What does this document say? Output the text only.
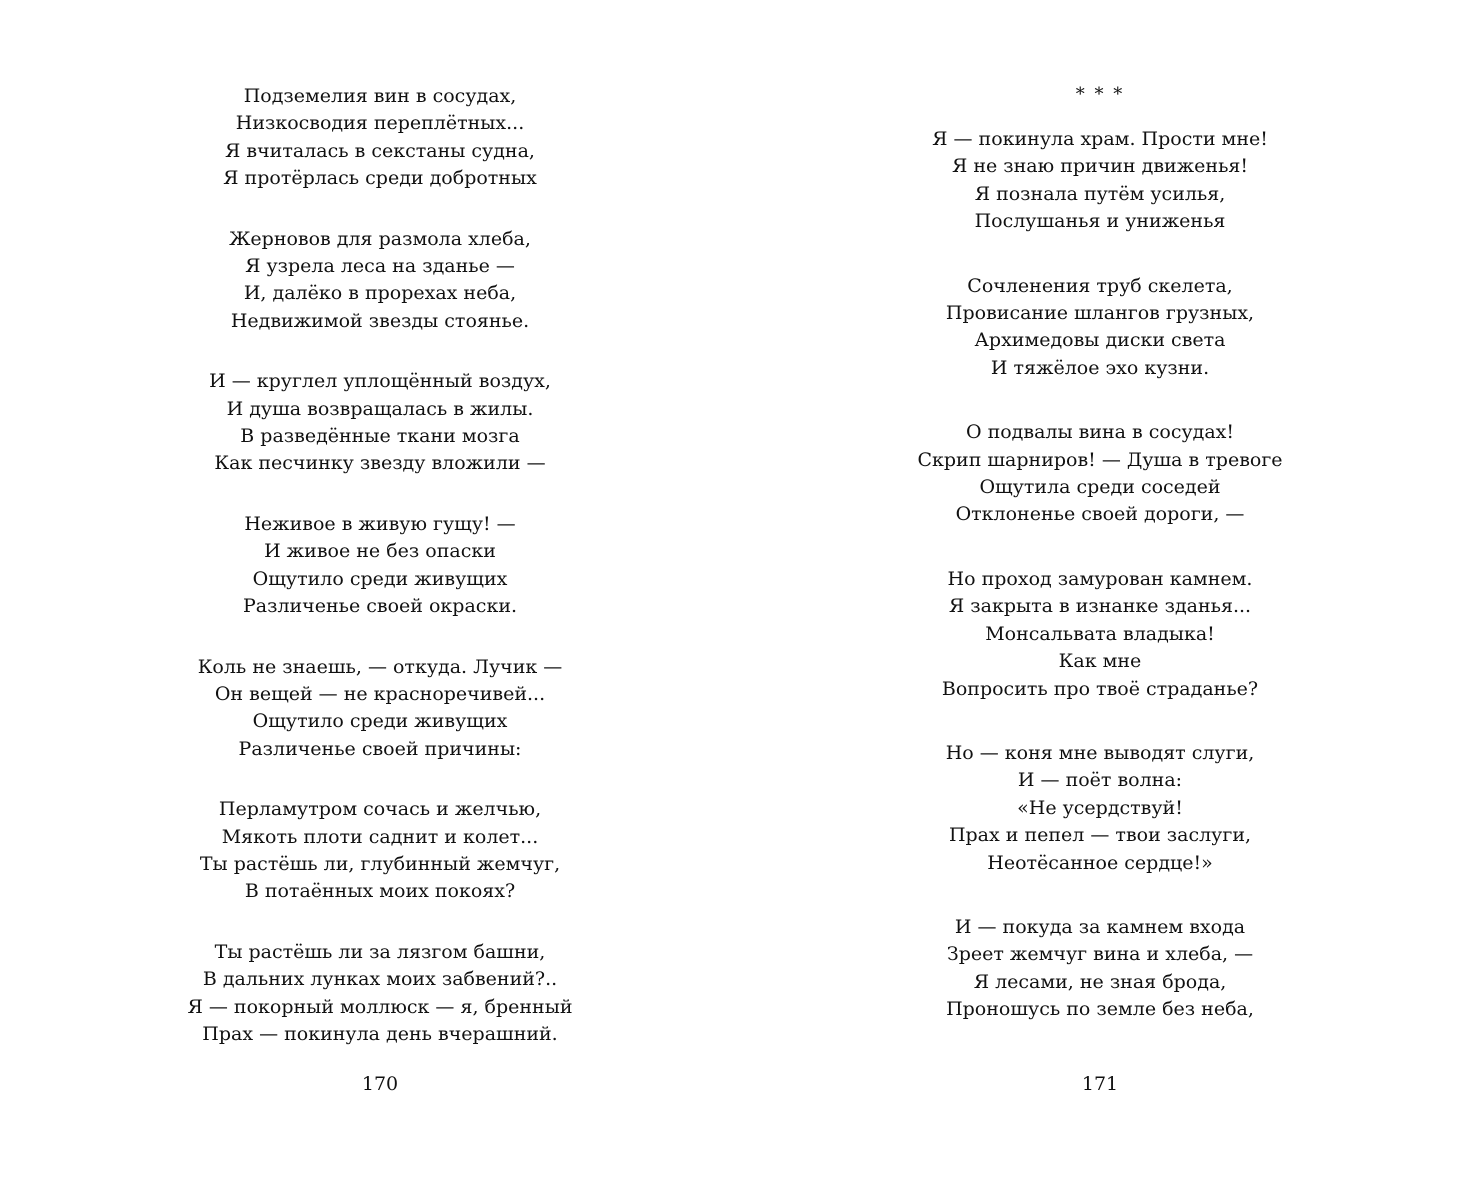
Подземелия вин в сосудах,
Низкосводия переплётных...
Я вчиталась в секстаны судна,
Я протёрлась среди добротных
Жерновов для размола хлеба,
Я узрела леса на зданье —
И, далёко в прорехах неба,
Недвижимой звезды стоянье.
И — круглел уплощённый воздух,
И душа возвращалась в жилы.
В разведённые ткани мозга
Как песчинку звезду вложили —
Неживое в живую гущу! —
И живое не без опаски
Ощутило среди живущих
Различенье своей окраски.
Коль не знаешь, — откуда. Лучик —
Он вещей — не красноречивей...
Ощутило среди живущих
Различенье своей причины:
Перламутром сочась и желчью,
Мякоть плоти саднит и колет...
Ты растёшь ли, глубинный жемчуг,
В потаённых моих покоях?
Ты растёшь ли за лязгом башни,
В дальних лунках моих забвений?..
Я — покорный моллюск — я, бренный
Прах — покинула день вчерашний.
170
* * *
Я — покинула храм. Прости мне!
Я не знаю причин движенья!
Я познала путём усилья,
Послушанья и униженья
Сочленения труб скелета,
Провисание шлангов грузных,
Архимедовы диски света
И тяжёлое эхо кузни.
О подвалы вина в сосудах!
Скрип шарниров! — Душа в тревоге
Ощутила среди соседей
Отклоненье своей дороги, —
Но проход замурован камнем.
Я закрыта в изнанке зданья...
Монсальвата владыка!
Как мне
Вопросить про твоё страданье?
Но — коня мне выводят слуги,
И — поёт волна:
«Не усердствуй!
Прах и пепел — твои заслуги,
Неотёсанное сердце!»
И — покуда за камнем входа
Зреет жемчуг вина и хлеба, —
Я лесами, не зная брода,
Проношусь по земле без неба,
171
